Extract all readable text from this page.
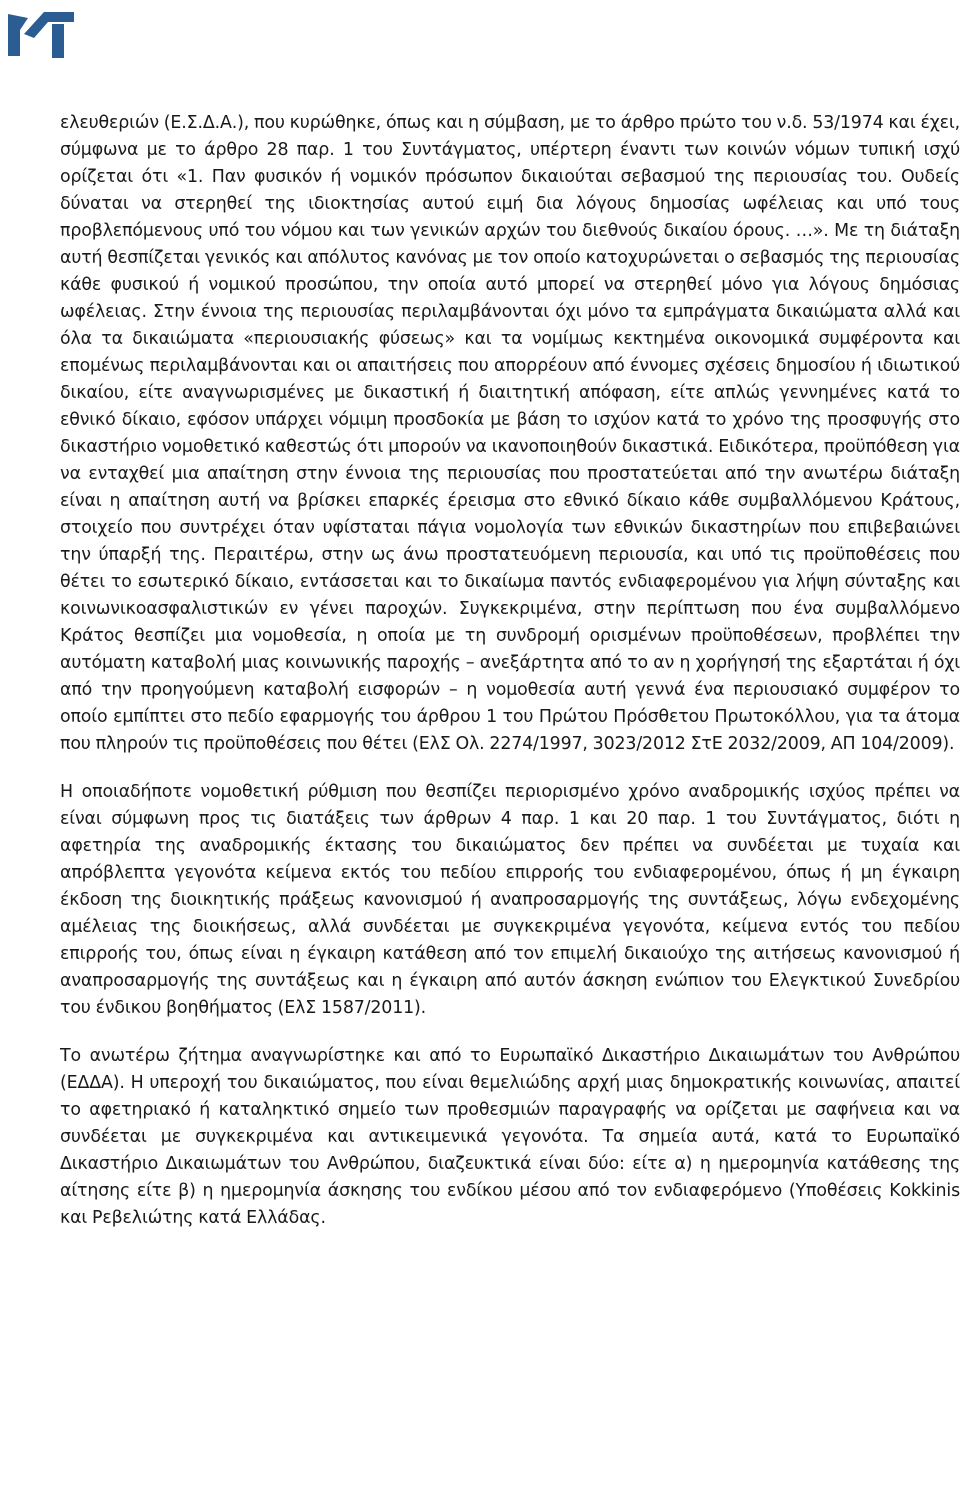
ελευθεριών (Ε.Σ.Δ.Α.), που κυρώθηκε, όπως και η σύμβαση, με το άρθρο πρώτο του ν.δ. 53/1974 και έχει, σύμφωνα με το άρθρο 28 παρ. 1 του Συντάγματος, υπέρτερη έναντι των κοινών νόμων τυπική ισχύ ορίζεται ότι «1. Παν φυσικόν ή νομικόν πρόσωπον δικαιούται σεβασμού της περιουσίας του. Ουδείς δύναται να στερηθεί της ιδιοκτησίας αυτού ειμή δια λόγους δημοσίας ωφέλειας και υπό τους προβλεπόμενους υπό του νόμου και των γενικών αρχών του διεθνούς δικαίου όρους. …». Με τη διάταξη αυτή θεσπίζεται γενικός και απόλυτος κανόνας με τον οποίο κατοχυρώνεται ο σεβασμός της περιουσίας κάθε φυσικού ή νομικού προσώπου, την οποία αυτό μπορεί να στερηθεί μόνο για λόγους δημόσιας ωφέλειας. Στην έννοια της περιουσίας περιλαμβάνονται όχι μόνο τα εμπράγματα δικαιώματα αλλά και όλα τα δικαιώματα «περιουσιακής φύσεως» και τα νομίμως κεκτημένα οικονομικά συμφέροντα και επομένως περιλαμβάνονται και οι απαιτήσεις που απορρέουν από έννομες σχέσεις δημοσίου ή ιδιωτικού δικαίου, είτε αναγνωρισμένες με δικαστική ή διαιτητική απόφαση, είτε απλώς γεννημένες κατά το εθνικό δίκαιο, εφόσον υπάρχει νόμιμη προσδοκία με βάση το ισχύον κατά το χρόνο της προσφυγής στο δικαστήριο νομοθετικό καθεστώς ότι μπορούν να ικανοποιηθούν δικαστικά. Ειδικότερα, προϋπόθεση για να ενταχθεί μια απαίτηση στην έννοια της περιουσίας που προστατεύεται από την ανωτέρω διάταξη είναι η απαίτηση αυτή να βρίσκει επαρκές έρεισμα στο εθνικό δίκαιο κάθε συμβαλλόμενου Κράτους, στοιχείο που συντρέχει όταν υφίσταται πάγια νομολογία των εθνικών δικαστηρίων που επιβεβαιώνει την ύπαρξή της. Περαιτέρω, στην ως άνω προστατευόμενη περιουσία, και υπό τις προϋποθέσεις που θέτει το εσωτερικό δίκαιο, εντάσσεται και το δικαίωμα παντός ενδιαφερομένου για λήψη σύνταξης και κοινωνικοασφαλιστικών εν γένει παροχών. Συγκεκριμένα, στην περίπτωση που ένα συμβαλλόμενο Κράτος θεσπίζει μια νομοθεσία, η οποία με τη συνδρομή ορισμένων προϋποθέσεων, προβλέπει την αυτόματη καταβολή μιας κοινωνικής παροχής – ανεξάρτητα από το αν η χορήγησή της εξαρτάται ή όχι από την προηγούμενη καταβολή εισφορών – η νομοθεσία αυτή γεννά ένα περιουσιακό συμφέρον το οποίο εμπίπτει στο πεδίο εφαρμογής του άρθρου 1 του Πρώτου Πρόσθετου Πρωτοκόλλου, για τα άτομα που πληρούν τις προϋποθέσεις που θέτει (ΕλΣ Ολ. 2274/1997, 3023/2012 ΣτΕ 2032/2009, ΑΠ 104/2009).

Η οποιαδήποτε νομοθετική ρύθμιση που θεσπίζει περιορισμένο χρόνο αναδρομικής ισχύος πρέπει να είναι σύμφωνη προς τις διατάξεις των άρθρων 4 παρ. 1 και 20 παρ. 1 του Συντάγματος, διότι η αφετηρία της αναδρομικής έκτασης του δικαιώματος δεν πρέπει να συνδέεται με τυχαία και απρόβλεπτα γεγονότα κείμενα εκτός του πεδίου επιρροής του ενδιαφερομένου, όπως ή μη έγκαιρη έκδοση της διοικητικής πράξεως κανονισμού ή αναπροσαρμογής της συντάξεως, λόγω ενδεχομένης αμέλειας της διοικήσεως, αλλά συνδέεται με συγκεκριμένα γεγονότα, κείμενα εντός του πεδίου επιρροής του, όπως είναι η έγκαιρη κατάθεση από τον επιμελή δικαιούχο της αιτήσεως κανονισμού ή αναπροσαρμογής της συντάξεως και η έγκαιρη από αυτόν άσκηση ενώπιον του Ελεγκτικού Συνεδρίου του ένδικου βοηθήματος (ΕλΣ 1587/2011).

Το ανωτέρω ζήτημα αναγνωρίστηκε και από το Ευρωπαϊκό Δικαστήριο Δικαιωμάτων του Ανθρώπου (ΕΔΔΑ). Η υπεροχή του δικαιώματος, που είναι θεμελιώδης αρχή μιας δημοκρατικής κοινωνίας, απαιτεί το αφετηριακό ή καταληκτικό σημείο των προθεσμιών παραγραφής να ορίζεται με σαφήνεια και να συνδέεται με συγκεκριμένα και αντικειμενικά γεγονότα. Τα σημεία αυτά, κατά το Ευρωπαϊκό Δικαστήριο Δικαιωμάτων του Ανθρώπου, διαζευκτικά είναι δύο: είτε α) η ημερομηνία κατάθεσης της αίτησης είτε β) η ημερομηνία άσκησης του ενδίκου μέσου από τον ενδιαφερόμενο (Υποθέσεις Κokkinis και Ρεβελιώτης κατά Ελλάδας.
